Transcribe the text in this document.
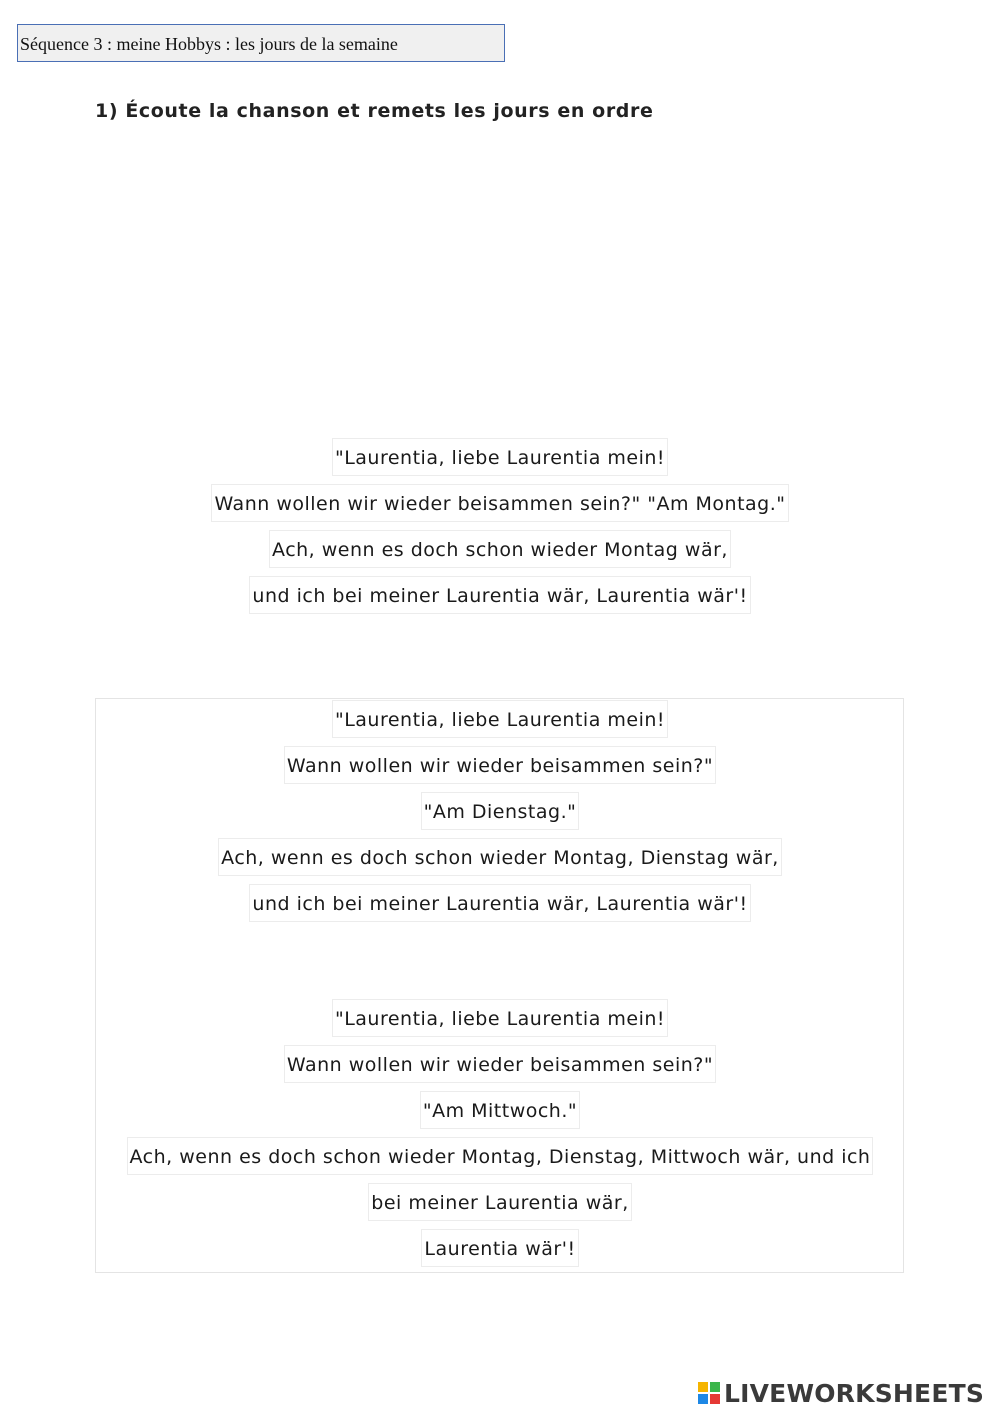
Séquence 3 : meine Hobbys : les jours de la semaine
1) Écoute la chanson et remets les jours en ordre
"Laurentia, liebe Laurentia mein!
Wann wollen wir wieder beisammen sein?" "Am Montag."
Ach, wenn es doch schon wieder Montag wär,
und ich bei meiner Laurentia wär, Laurentia wär'!
"Laurentia, liebe Laurentia mein!
Wann wollen wir wieder beisammen sein?"
"Am Dienstag."
Ach, wenn es doch schon wieder Montag, Dienstag wär,
und ich bei meiner Laurentia wär, Laurentia wär'!
"Laurentia, liebe Laurentia mein!
Wann wollen wir wieder beisammen sein?"
"Am Mittwoch."
Ach, wenn es doch schon wieder Montag, Dienstag, Mittwoch wär, und ich
bei meiner Laurentia wär,
Laurentia wär'!
LIVEWORKSHEETS
